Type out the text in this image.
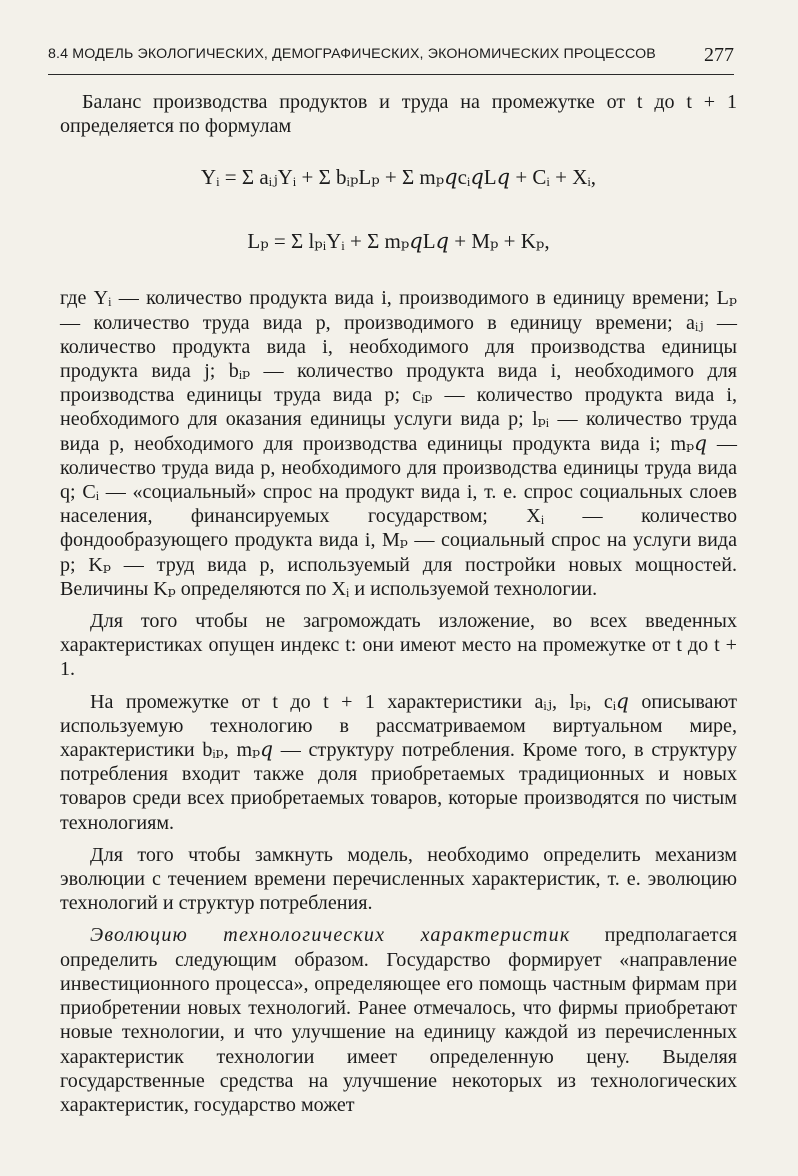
8.4 МОДЕЛЬ ЭКОЛОГИЧЕСКИХ, ДЕМОГРАФИЧЕСКИХ, ЭКОНОМИЧЕСКИХ ПРОЦЕССОВ 277

Баланс производства продуктов и труда на промежутке от t до t + 1 определяется по формулам

Yᵢ = Σ aᵢⱼYᵢ + Σ bᵢₚLₚ + Σ mₚ𝑞cᵢ𝑞L𝑞 + Cᵢ + Xᵢ,
Lₚ = Σ lₚᵢYᵢ + Σ mₚ𝑞L𝑞 + Mₚ + Kₚ,

где Yᵢ — количество продукта вида i, производимого в единицу времени; Lₚ — количество труда вида p, производимого в единицу времени; aᵢⱼ — количество продукта вида i, необходимого для производства единицы продукта вида j; bᵢₚ — количество продукта вида i, необходимого для производства единицы труда вида p; cᵢₚ — количество продукта вида i, необходимого для оказания единицы услуги вида p; lₚᵢ — количество труда вида p, необходимого для производства единицы продукта вида i; mₚ𝑞 — количество труда вида p, необходимого для производства единицы труда вида q; Cᵢ — «социальный» спрос на продукт вида i, т. е. спрос социальных слоев населения, финансируемых государством; Xᵢ — количество фондообразующего продукта вида i, Mₚ — социальный спрос на услуги вида p; Kₚ — труд вида p, используемый для постройки новых мощностей. Величины Kₚ определяются по Xᵢ и используемой технологии.

Для того чтобы не загромождать изложение, во всех введенных характеристиках опущен индекс t: они имеют место на промежутке от t до t + 1.

На промежутке от t до t + 1 характеристики aᵢⱼ, lₚᵢ, cᵢ𝑞 описывают используемую технологию в рассматриваемом виртуальном мире, характеристики bᵢₚ, mₚ𝑞 — структуру потребления. Кроме того, в структуру потребления входит также доля приобретаемых традиционных и новых товаров среди всех приобретаемых товаров, которые производятся по чистым технологиям.

Для того чтобы замкнуть модель, необходимо определить механизм эволюции с течением времени перечисленных характеристик, т. е. эволюцию технологий и структур потребления.

Эволюцию технологических характеристик предполагается определить следующим образом. Государство формирует «направление инвестиционного процесса», определяющее его помощь частным фирмам при приобретении новых технологий. Ранее отмечалось, что фирмы приобретают новые технологии, и что улучшение на единицу каждой из перечисленных характеристик технологии имеет определенную цену. Выделяя государственные средства на улучшение некоторых из технологических характеристик, государство может
